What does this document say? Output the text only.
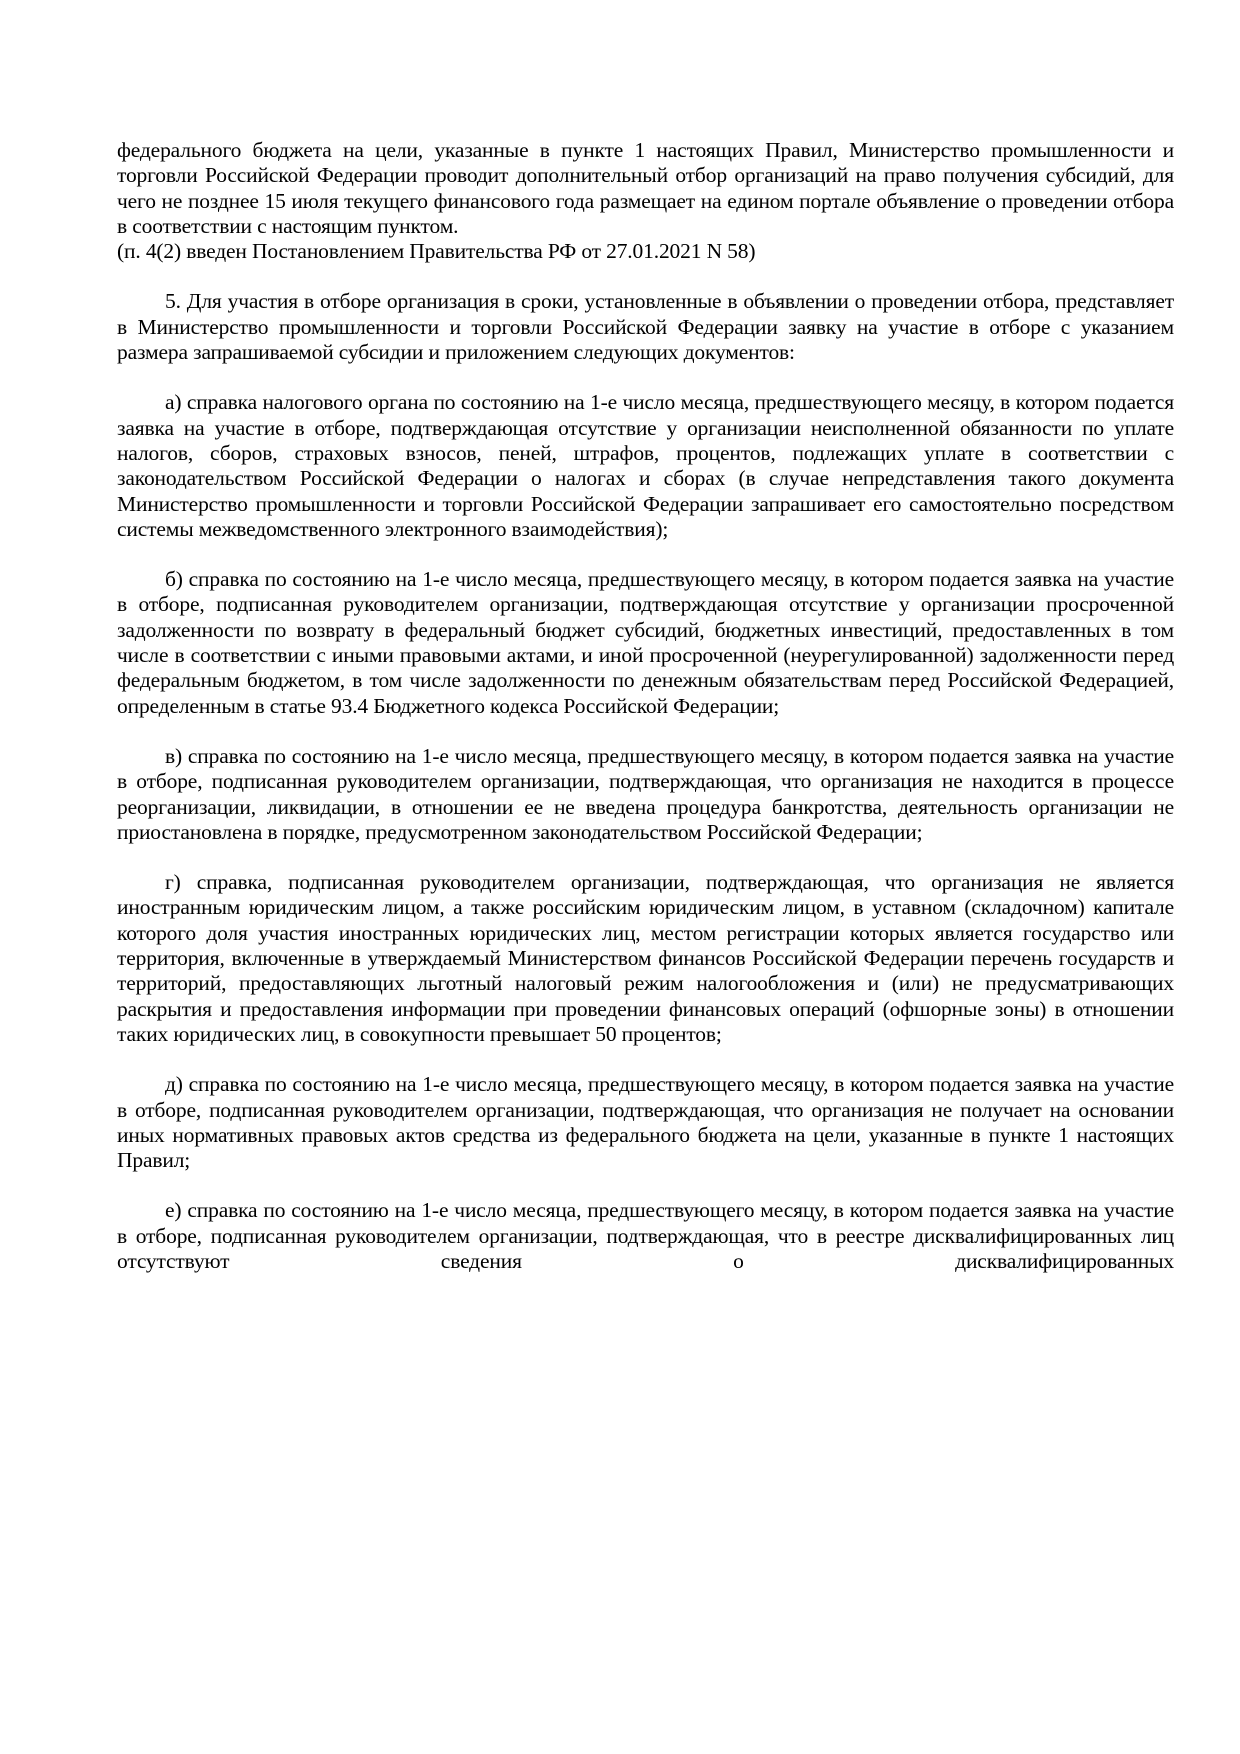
федерального бюджета на цели, указанные в пункте 1 настоящих Правил, Министерство промышленности и торговли Российской Федерации проводит дополнительный отбор организаций на право получения субсидий, для чего не позднее 15 июля текущего финансового года размещает на едином портале объявление о проведении отбора в соответствии с настоящим пунктом.

(п. 4(2) введен Постановлением Правительства РФ от 27.01.2021 N 58)

5. Для участия в отборе организация в сроки, установленные в объявлении о проведении отбора, представляет в Министерство промышленности и торговли Российской Федерации заявку на участие в отборе с указанием размера запрашиваемой субсидии и приложением следующих документов:

а) справка налогового органа по состоянию на 1-е число месяца, предшествующего месяцу, в котором подается заявка на участие в отборе, подтверждающая отсутствие у организации неисполненной обязанности по уплате налогов, сборов, страховых взносов, пеней, штрафов, процентов, подлежащих уплате в соответствии с законодательством Российской Федерации о налогах и сборах (в случае непредставления такого документа Министерство промышленности и торговли Российской Федерации запрашивает его самостоятельно посредством системы межведомственного электронного взаимодействия);

б) справка по состоянию на 1-е число месяца, предшествующего месяцу, в котором подается заявка на участие в отборе, подписанная руководителем организации, подтверждающая отсутствие у организации просроченной задолженности по возврату в федеральный бюджет субсидий, бюджетных инвестиций, предоставленных в том числе в соответствии с иными правовыми актами, и иной просроченной (неурегулированной) задолженности перед федеральным бюджетом, в том числе задолженности по денежным обязательствам перед Российской Федерацией, определенным в статье 93.4 Бюджетного кодекса Российской Федерации;

в) справка по состоянию на 1-е число месяца, предшествующего месяцу, в котором подается заявка на участие в отборе, подписанная руководителем организации, подтверждающая, что организация не находится в процессе реорганизации, ликвидации, в отношении ее не введена процедура банкротства, деятельность организации не приостановлена в порядке, предусмотренном законодательством Российской Федерации;

г) справка, подписанная руководителем организации, подтверждающая, что организация не является иностранным юридическим лицом, а также российским юридическим лицом, в уставном (складочном) капитале которого доля участия иностранных юридических лиц, местом регистрации которых является государство или территория, включенные в утверждаемый Министерством финансов Российской Федерации перечень государств и территорий, предоставляющих льготный налоговый режим налогообложения и (или) не предусматривающих раскрытия и предоставления информации при проведении финансовых операций (офшорные зоны) в отношении таких юридических лиц, в совокупности превышает 50 процентов;

д) справка по состоянию на 1-е число месяца, предшествующего месяцу, в котором подается заявка на участие в отборе, подписанная руководителем организации, подтверждающая, что организация не получает на основании иных нормативных правовых актов средства из федерального бюджета на цели, указанные в пункте 1 настоящих Правил;

е) справка по состоянию на 1-е число месяца, предшествующего месяцу, в котором подается заявка на участие в отборе, подписанная руководителем организации, подтверждающая, что в реестре дисквалифицированных лиц отсутствуют сведения о дисквалифицированных
